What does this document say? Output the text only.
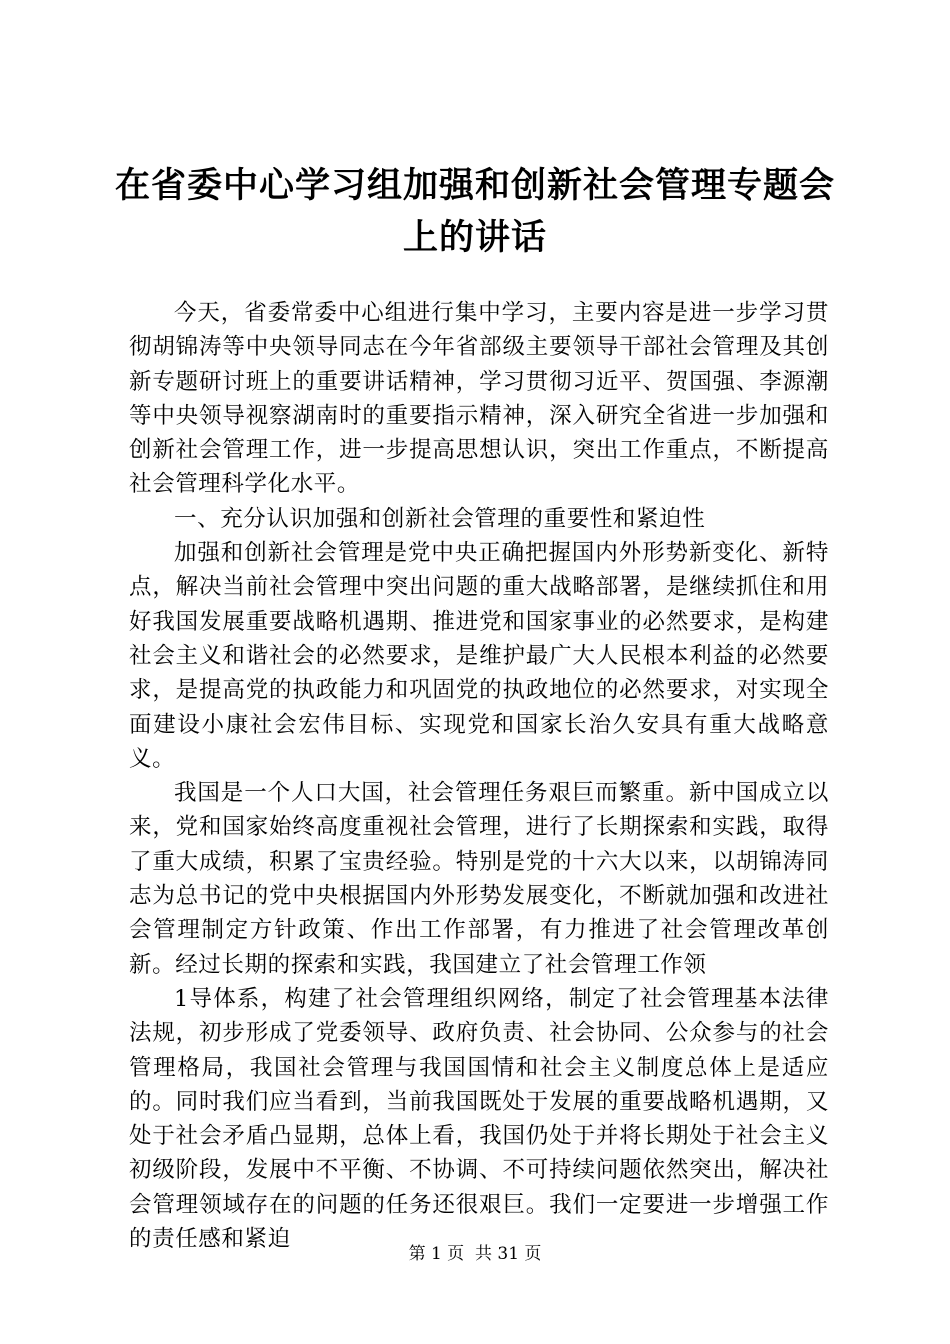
在省委中心学习组加强和创新社会管理专题会
上的讲话

今天，省委常委中心组进行集中学习，主要内容是进一步学习贯彻胡锦涛等中央领导同志在今年省部级主要领导干部社会管理及其创新专题研讨班上的重要讲话精神，学习贯彻习近平、贺国强、李源潮等中央领导视察湖南时的重要指示精神，深入研究全省进一步加强和创新社会管理工作，进一步提高思想认识，突出工作重点，不断提高社会管理科学化水平。

一、充分认识加强和创新社会管理的重要性和紧迫性

加强和创新社会管理是党中央正确把握国内外形势新变化、新特点，解决当前社会管理中突出问题的重大战略部署，是继续抓住和用好我国发展重要战略机遇期、推进党和国家事业的必然要求，是构建社会主义和谐社会的必然要求，是维护最广大人民根本利益的必然要求，是提高党的执政能力和巩固党的执政地位的必然要求，对实现全面建设小康社会宏伟目标、实现党和国家长治久安具有重大战略意义。

我国是一个人口大国，社会管理任务艰巨而繁重。新中国成立以来，党和国家始终高度重视社会管理，进行了长期探索和实践，取得了重大成绩，积累了宝贵经验。特别是党的十六大以来，以胡锦涛同志为总书记的党中央根据国内外形势发展变化，不断就加强和改进社会管理制定方针政策、作出工作部署，有力推进了社会管理改革创新。经过长期的探索和实践，我国建立了社会管理工作领

1导体系，构建了社会管理组织网络，制定了社会管理基本法律法规，初步形成了党委领导、政府负责、社会协同、公众参与的社会管理格局，我国社会管理与我国国情和社会主义制度总体上是适应的。同时我们应当看到，当前我国既处于发展的重要战略机遇期，又处于社会矛盾凸显期，总体上看，我国仍处于并将长期处于社会主义初级阶段，发展中不平衡、不协调、不可持续问题依然突出，解决社会管理领域存在的问题的任务还很艰巨。我们一定要进一步增强工作的责任感和紧迫

第 1 页  共 31 页
